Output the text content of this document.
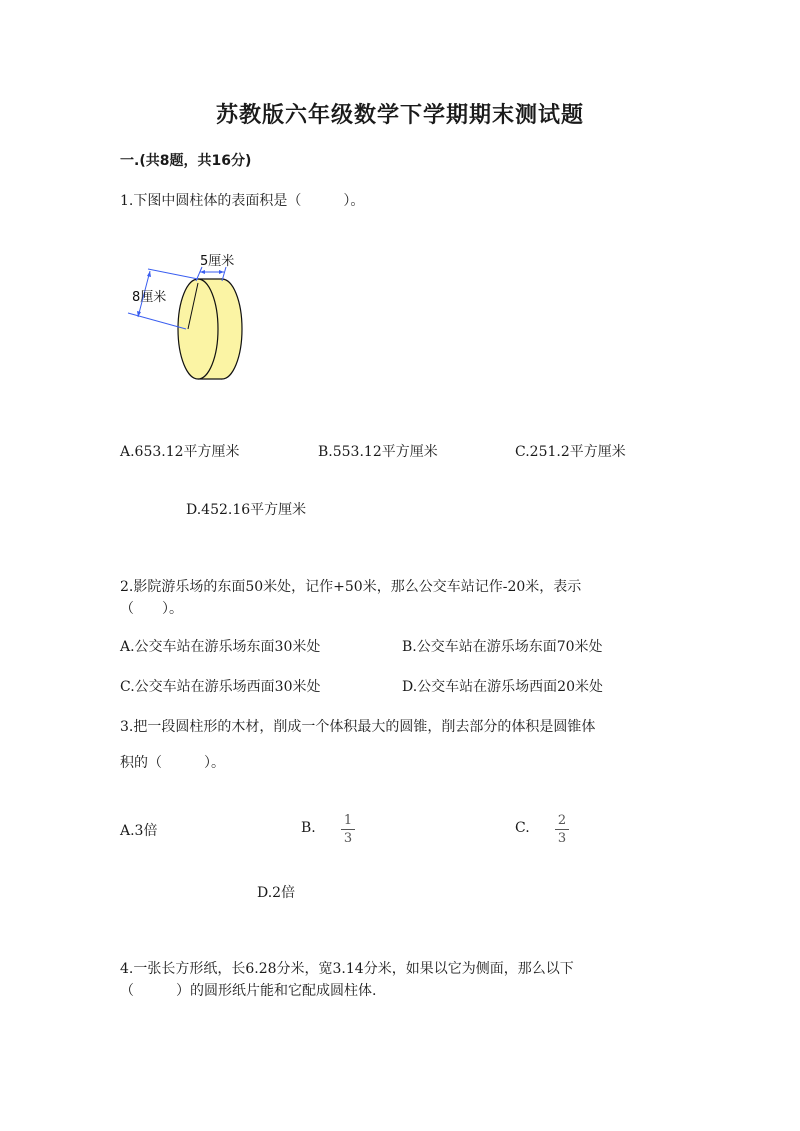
苏教版六年级数学下学期期末测试题
一.(共8题，共16分)
1.下图中圆柱体的表面积是（　　　）。
5厘米
8厘米
A.653.12平方厘米	B.553.12平方厘米	C.251.2平方厘米
D.452.16平方厘米
2.影院游乐场的东面50米处，记作+50米，那么公交车站记作-20米，表示
（　　）。
A.公交车站在游乐场东面30米处	B.公交车站在游乐场东面70米处
C.公交车站在游乐场西面30米处	D.公交车站在游乐场西面20米处
3.把一段圆柱形的木材，削成一个体积最大的圆锥，削去部分的体积是圆锥体
积的（　　　）。
A.3倍	B. 1
3
C. 2
3
D.2倍
4.一张长方形纸，长6.28分米，宽3.14分米，如果以它为侧面，那么以下
（　　　）的圆形纸片能和它配成圆柱体.
